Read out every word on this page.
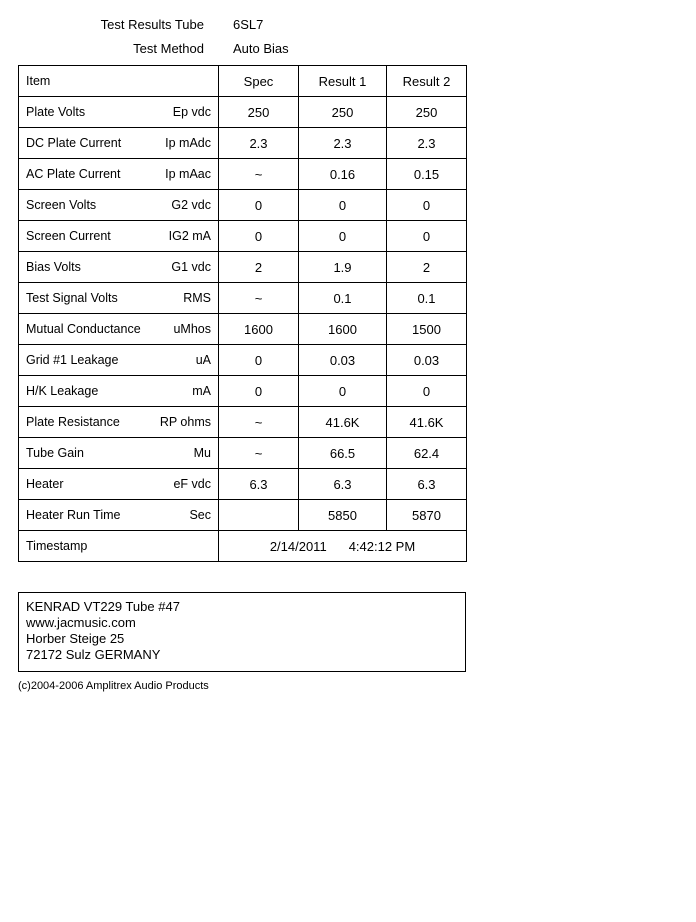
Test Results Tube 6SL7
Test Method Auto Bias
Item	Spec	Result 1	Result 2

Plate Volts Ep vdc	250	250	250

DC Plate Current Ip mAdc	2.3	2.3	2.3

AC Plate Current Ip mAac	~	0.16	0.15

Screen Volts G2 vdc	0	0	0

Screen Current IG2 mA	0	0	0

Bias Volts G1 vdc	2	1.9	2

Test Signal Volts RMS	~	0.1	0.1

Mutual Conductance uMhos	1600	1600	1500

Grid #1 Leakage uA	0	0.03	0.03

H/K Leakage mA	0	0	0

Plate Resistance RP ohms	~	41.6K	41.6K

Tube Gain Mu	~	66.5	62.4

Heater eF vdc	6.3	6.3	6.3

Heater Run Time Sec		5850	5870

Timestamp	2/14/2011 4:42:12 PM		
KENRAD VT229 Tube #47
www.jacmusic.com
Horber Steige 25
72172 Sulz GERMANY
(c)2004-2006 Amplitrex Audio Products
